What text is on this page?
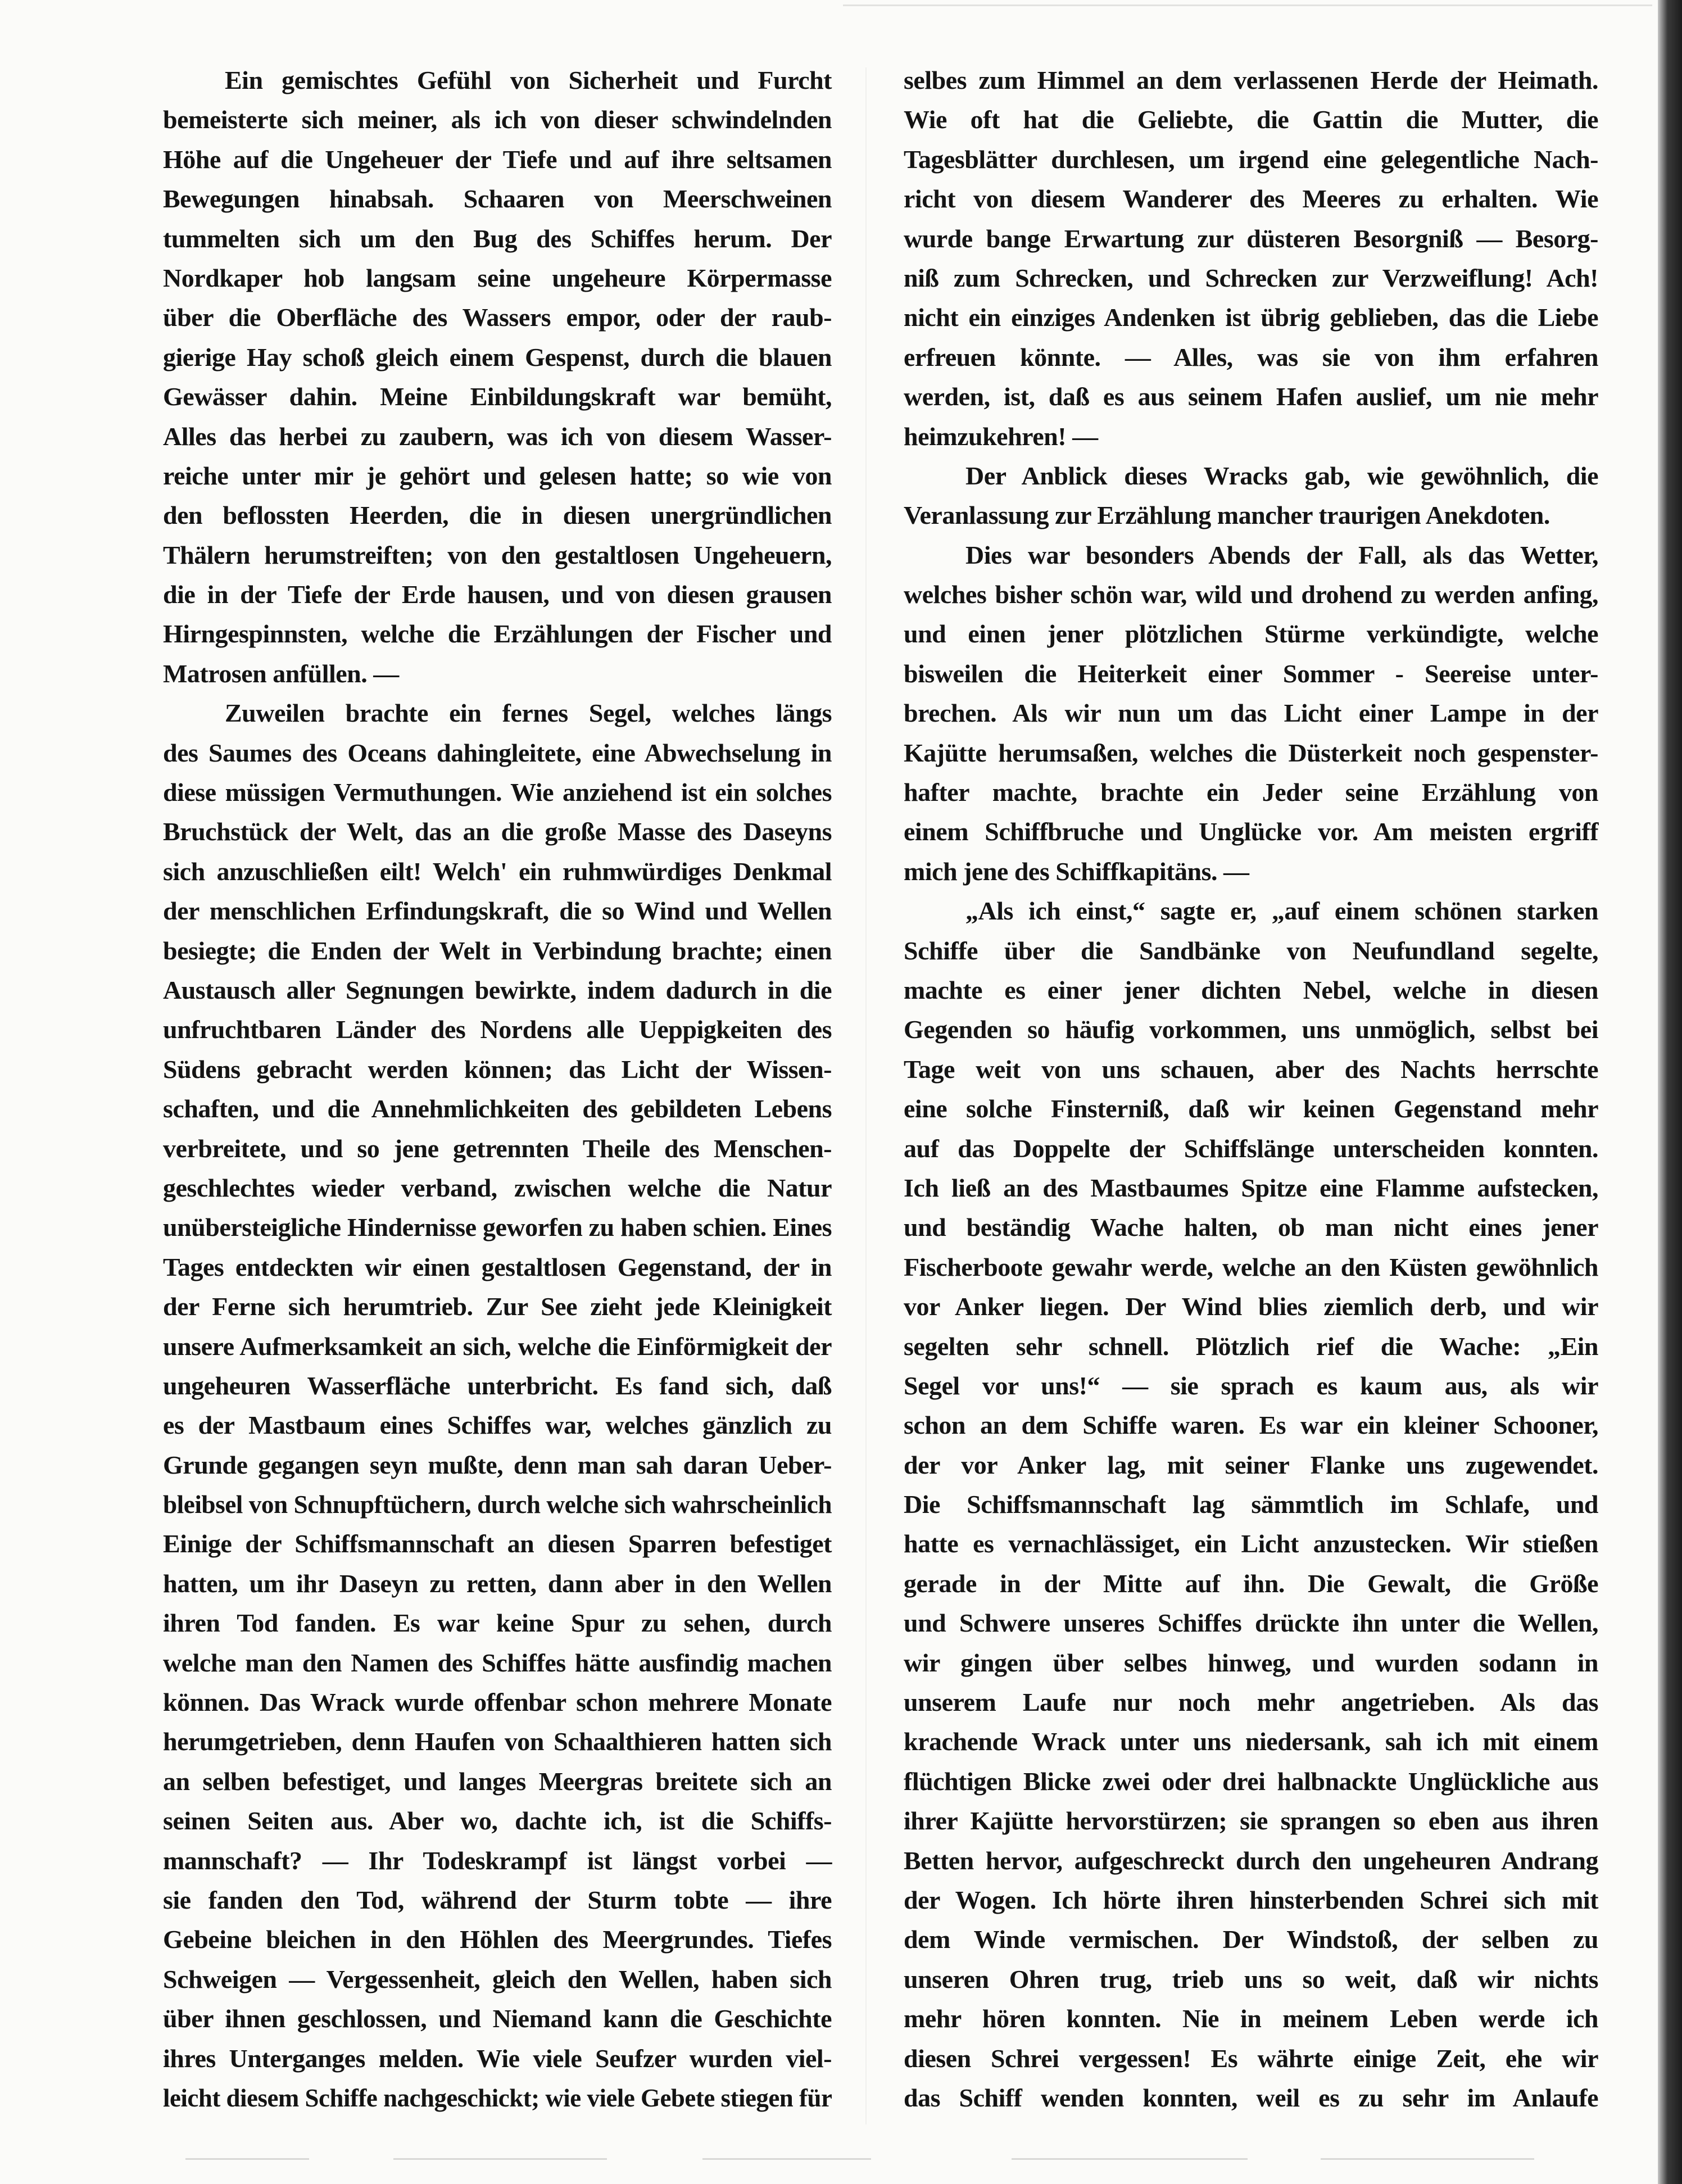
Ein gemischtes Gefühl von Sicherheit und Furcht
bemeisterte sich meiner, als ich von dieser schwindelnden
Höhe auf die Ungeheuer der Tiefe und auf ihre seltsamen
Bewegungen hinabsah. Schaaren von Meerschweinen
tummelten sich um den Bug des Schiffes herum. Der
Nordkaper hob langsam seine ungeheure Körpermasse
über die Oberfläche des Wassers empor, oder der raub-
gierige Hay schoß gleich einem Gespenst, durch die blauen
Gewässer dahin. Meine Einbildungskraft war bemüht,
Alles das herbei zu zaubern, was ich von diesem Wasser-
reiche unter mir je gehört und gelesen hatte; so wie von
den beflossten Heerden, die in diesen unergründlichen
Thälern herumstreiften; von den gestaltlosen Ungeheuern,
die in der Tiefe der Erde hausen, und von diesen grausen
Hirngespinnsten, welche die Erzählungen der Fischer und
Matrosen anfüllen. —
Zuweilen brachte ein fernes Segel, welches längs
des Saumes des Oceans dahingleitete, eine Abwechselung in
diese müssigen Vermuthungen. Wie anziehend ist ein solches
Bruchstück der Welt, das an die große Masse des Daseyns
sich anzuschließen eilt! Welch' ein ruhmwürdiges Denkmal
der menschlichen Erfindungskraft, die so Wind und Wellen
besiegte; die Enden der Welt in Verbindung brachte; einen
Austausch aller Segnungen bewirkte, indem dadurch in die
unfruchtbaren Länder des Nordens alle Ueppigkeiten des
Südens gebracht werden können; das Licht der Wissen-
schaften, und die Annehmlichkeiten des gebildeten Lebens
verbreitete, und so jene getrennten Theile des Menschen-
geschlechtes wieder verband, zwischen welche die Natur
unübersteigliche Hindernisse geworfen zu haben schien. Eines
Tages entdeckten wir einen gestaltlosen Gegenstand, der in
der Ferne sich herumtrieb. Zur See zieht jede Kleinigkeit
unsere Aufmerksamkeit an sich, welche die Einförmigkeit der
ungeheuren Wasserfläche unterbricht. Es fand sich, daß
es der Mastbaum eines Schiffes war, welches gänzlich zu
Grunde gegangen seyn mußte, denn man sah daran Ueber-
bleibsel von Schnupftüchern, durch welche sich wahrscheinlich
Einige der Schiffsmannschaft an diesen Sparren befestiget
hatten, um ihr Daseyn zu retten, dann aber in den Wellen
ihren Tod fanden. Es war keine Spur zu sehen, durch
welche man den Namen des Schiffes hätte ausfindig machen
können. Das Wrack wurde offenbar schon mehrere Monate
herumgetrieben, denn Haufen von Schaalthieren hatten sich
an selben befestiget, und langes Meergras breitete sich an
seinen Seiten aus. Aber wo, dachte ich, ist die Schiffs-
mannschaft? — Ihr Todeskrampf ist längst vorbei —
sie fanden den Tod, während der Sturm tobte — ihre
Gebeine bleichen in den Höhlen des Meergrundes. Tiefes
Schweigen — Vergessenheit, gleich den Wellen, haben sich
über ihnen geschlossen, und Niemand kann die Geschichte
ihres Unterganges melden. Wie viele Seufzer wurden viel-
leicht diesem Schiffe nachgeschickt; wie viele Gebete stiegen für
selbes zum Himmel an dem verlassenen Herde der Heimath.
Wie oft hat die Geliebte, die Gattin die Mutter, die
Tagesblätter durchlesen, um irgend eine gelegentliche Nach-
richt von diesem Wanderer des Meeres zu erhalten. Wie
wurde bange Erwartung zur düsteren Besorgniß — Besorg-
niß zum Schrecken, und Schrecken zur Verzweiflung! Ach!
nicht ein einziges Andenken ist übrig geblieben, das die Liebe
erfreuen könnte. — Alles, was sie von ihm erfahren
werden, ist, daß es aus seinem Hafen auslief, um nie mehr
heimzukehren! —
Der Anblick dieses Wracks gab, wie gewöhnlich, die
Veranlassung zur Erzählung mancher traurigen Anekdoten.
Dies war besonders Abends der Fall, als das Wetter,
welches bisher schön war, wild und drohend zu werden anfing,
und einen jener plötzlichen Stürme verkündigte, welche
bisweilen die Heiterkeit einer Sommer - Seereise unter-
brechen. Als wir nun um das Licht einer Lampe in der
Kajütte herumsaßen, welches die Düsterkeit noch gespenster-
hafter machte, brachte ein Jeder seine Erzählung von
einem Schiffbruche und Unglücke vor. Am meisten ergriff
mich jene des Schiffkapitäns. —
„Als ich einst,“ sagte er, „auf einem schönen starken
Schiffe über die Sandbänke von Neufundland segelte,
machte es einer jener dichten Nebel, welche in diesen
Gegenden so häufig vorkommen, uns unmöglich, selbst bei
Tage weit von uns schauen, aber des Nachts herrschte
eine solche Finsterniß, daß wir keinen Gegenstand mehr
auf das Doppelte der Schiffslänge unterscheiden konnten.
Ich ließ an des Mastbaumes Spitze eine Flamme aufstecken,
und beständig Wache halten, ob man nicht eines jener
Fischerboote gewahr werde, welche an den Küsten gewöhnlich
vor Anker liegen. Der Wind blies ziemlich derb, und wir
segelten sehr schnell. Plötzlich rief die Wache: „Ein
Segel vor uns!“ — sie sprach es kaum aus, als wir
schon an dem Schiffe waren. Es war ein kleiner Schooner,
der vor Anker lag, mit seiner Flanke uns zugewendet.
Die Schiffsmannschaft lag sämmtlich im Schlafe, und
hatte es vernachlässiget, ein Licht anzustecken. Wir stießen
gerade in der Mitte auf ihn. Die Gewalt, die Größe
und Schwere unseres Schiffes drückte ihn unter die Wellen,
wir gingen über selbes hinweg, und wurden sodann in
unserem Laufe nur noch mehr angetrieben. Als das
krachende Wrack unter uns niedersank, sah ich mit einem
flüchtigen Blicke zwei oder drei halbnackte Unglückliche aus
ihrer Kajütte hervorstürzen; sie sprangen so eben aus ihren
Betten hervor, aufgeschreckt durch den ungeheuren Andrang
der Wogen. Ich hörte ihren hinsterbenden Schrei sich mit
dem Winde vermischen. Der Windstoß, der selben zu
unseren Ohren trug, trieb uns so weit, daß wir nichts
mehr hören konnten. Nie in meinem Leben werde ich
diesen Schrei vergessen! Es währte einige Zeit, ehe wir
das Schiff wenden konnten, weil es zu sehr im Anlaufe
